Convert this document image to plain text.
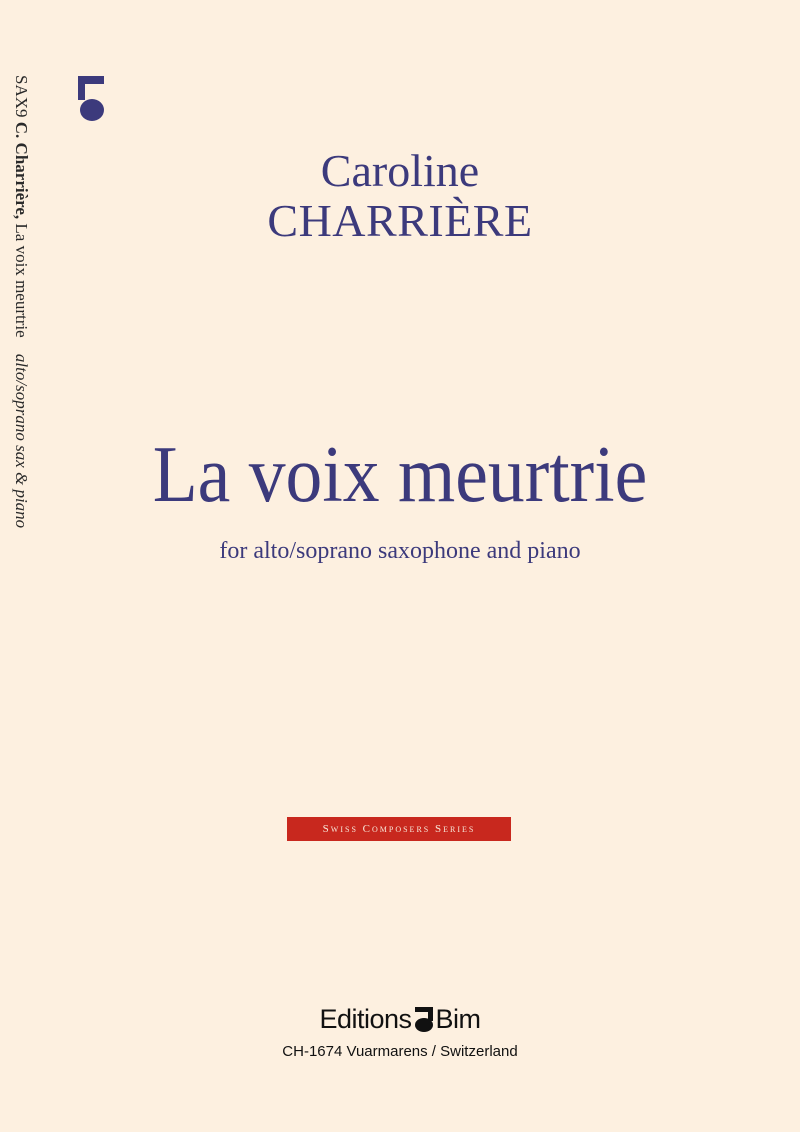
SAX9 C. Charrière, La voix meurtrie alto/soprano sax & piano
Caroline
CHARRIÈRE
La voix meurtrie
for alto/soprano saxophone and piano
Swiss Composers Series
Editions Bim
CH-1674 Vuarmarens / Switzerland
